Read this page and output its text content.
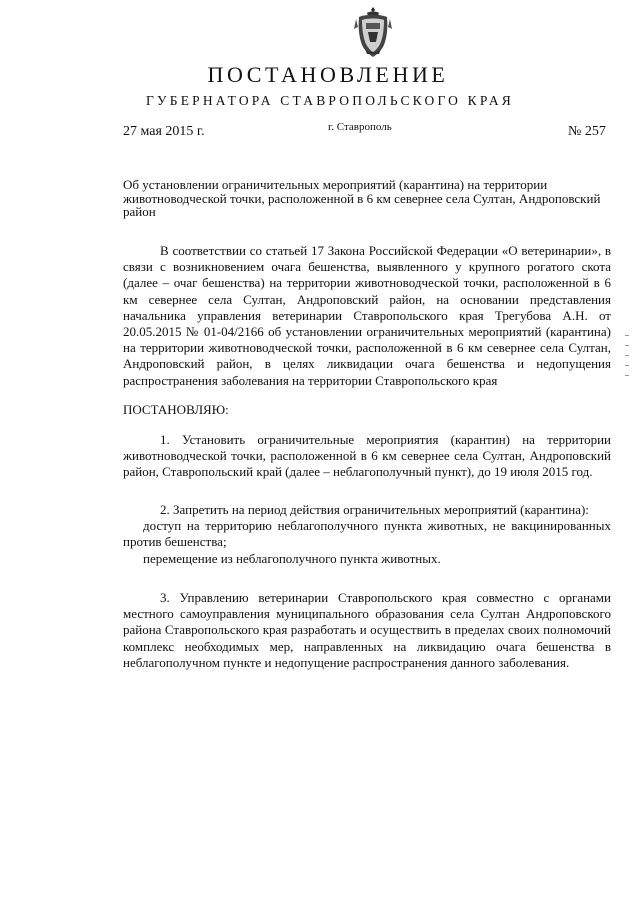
ПОСТАНОВЛЕНИЕ
ГУБЕРНАТОРА СТАВРОПОЛЬСКОГО КРАЯ
27 мая 2015 г.	г. Ставрополь	№ 257

Об установлении ограничительных мероприятий (карантина) на территории животноводческой точки, расположенной в 6 км севернее села Султан, Андроповский район

В соответствии со статьей 17 Закона Российской Федерации «О ветеринарии», в связи с возникновением очага бешенства, выявленного у крупного рогатого скота (далее – очаг бешенства) на территории животноводческой точки, расположенной в 6 км севернее села Султан, Андроповский район, на основании представления начальника управления ветеринарии Ставропольского края Трегубова А.Н. от 20.05.2015 № 01-04/2166 об установлении ограничительных мероприятий (карантина) на территории животноводческой точки, расположенной в 6 км севернее села Султан, Андроповский район, в целях ликвидации очага бешенства и недопущения распространения заболевания на территории Ставропольского края

ПОСТАНОВЛЯЮ:

1. Установить ограничительные мероприятия (карантин) на территории животноводческой точки, расположенной в 6 км севернее села Султан, Андроповский район, Ставропольский край (далее – неблагополучный пункт), до 19 июля 2015 год.

2. Запретить на период действия ограничительных мероприятий (карантина):

доступ на территорию неблагополучного пункта животных, не вакцинированных против бешенства;

перемещение из неблагополучного пункта животных.

3. Управлению ветеринарии Ставропольского края совместно с органами местного самоуправления муниципального образования села Султан Андроповского района Ставропольского края разработать и осуществить в пределах своих полномочий комплекс необходимых мер, направленных на ликвидацию очага бешенства в неблагополучном пункте и недопущение распространения данного заболевания.
